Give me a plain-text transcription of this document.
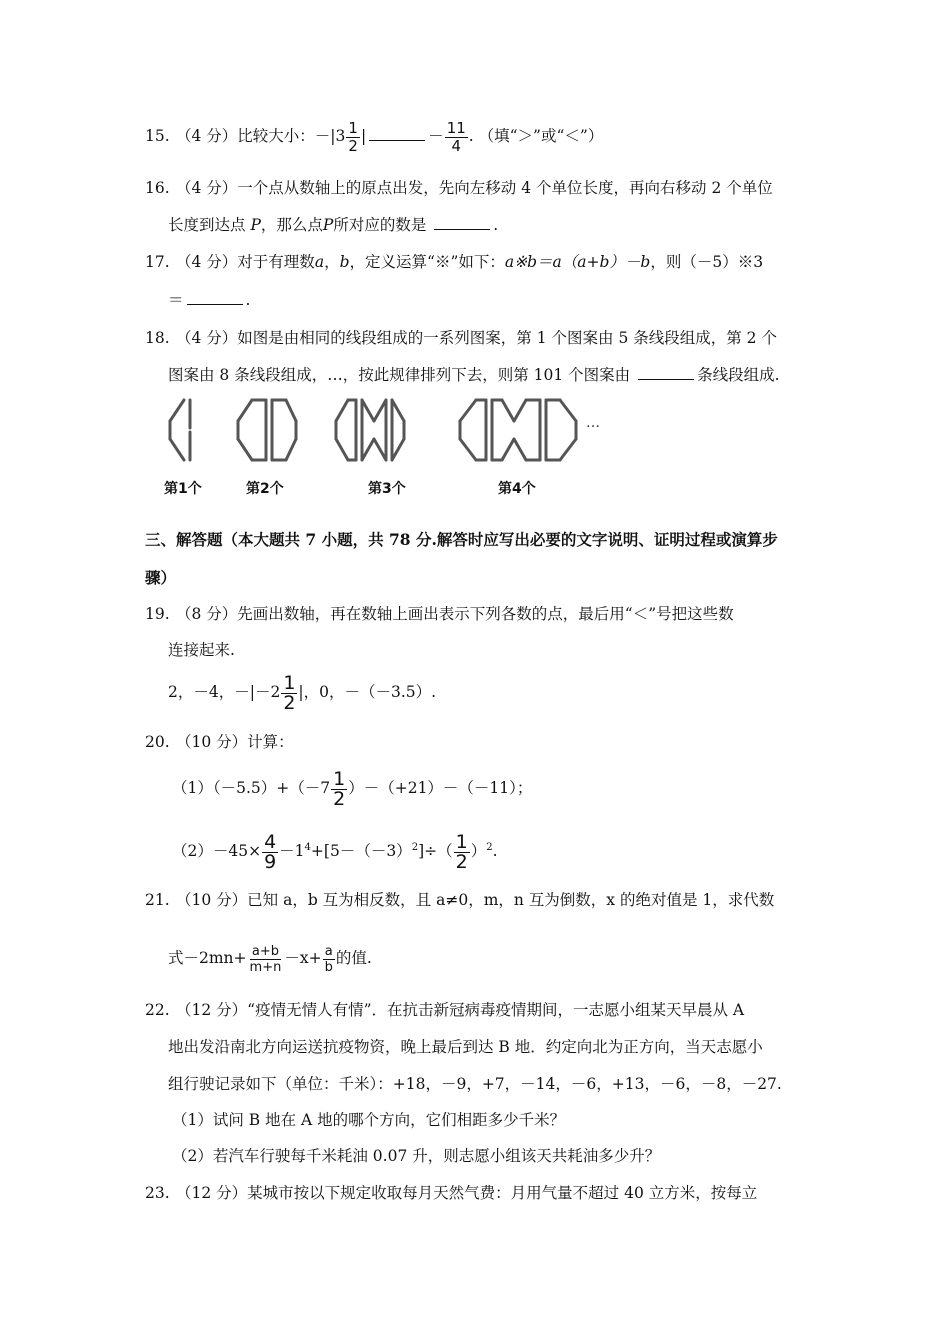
15. （4 分）比较大小：$-|3 \frac{1}{2}$ |	－ $\frac{11}{4}$ . （填“＞”或“＜”）
16. （4 分）一个点从数轴上的原点出发，先向左移动 4 个单位长度，再向右移动 2 个单位
长度到达点 P，那么点P所对应的数是	.
17. （4 分）对于有理数a，b，定义运算“※”如下：a※b＝a（a+b）－b，则（－5）※3
＝	.
18. （4 分）如图是由相同的线段组成的一系列图案，第 1 个图案由 5 条线段组成，第 2 个
图案由 8 条线段组成，…，按此规律排列下去，则第 101 个图案由	条线段组成.
…
第1个	第2个	第3个	第4个
三、解答题（本大题共 7 小题，共 78 分.解答时应写出必要的文字说明、证明过程或演算步
骤）
19. （8 分）先画出数轴，再在数轴上画出表示下列各数的点，最后用“＜”号把这些数
连接起来.
2，－4，$-|-2 \frac{1}{2}$ |，0，－（－3.5）.
20. （10 分）计算：
$(1)(-5.5)+(-7 \frac{1}{2} )-(+21)-(-11)$；
$(2)-45\times \frac{4}{9} -1^4+[5-(-3)^2]\div( \frac{1}{2} )^2$.
21. （10 分）已知 a，b 互为相反数，且 a≠0，m，n 互为倒数，x 的绝对值是 1，求代数
式$-2mn+ \frac{a+b}{m+n} -x+ \frac{a}{b}$ 的值.
22. （12 分）“疫情无情人有情”．在抗击新冠病毒疫情期间，一志愿小组某天早晨从 A
地出发沿南北方向运送抗疫物资，晚上最后到达 B 地．约定向北为正方向，当天志愿小
组行驶记录如下（单位：千米）：+18，－9，+7，－14，－6，+13，－6，－8，－27.
（1）试问 B 地在 A 地的哪个方向，它们相距多少千米？
（2）若汽车行驶每千米耗油 0.07 升，则志愿小组该天共耗油多少升？
23. （12 分）某城市按以下规定收取每月天然气费：月用气量不超过 40 立方米，按每立
